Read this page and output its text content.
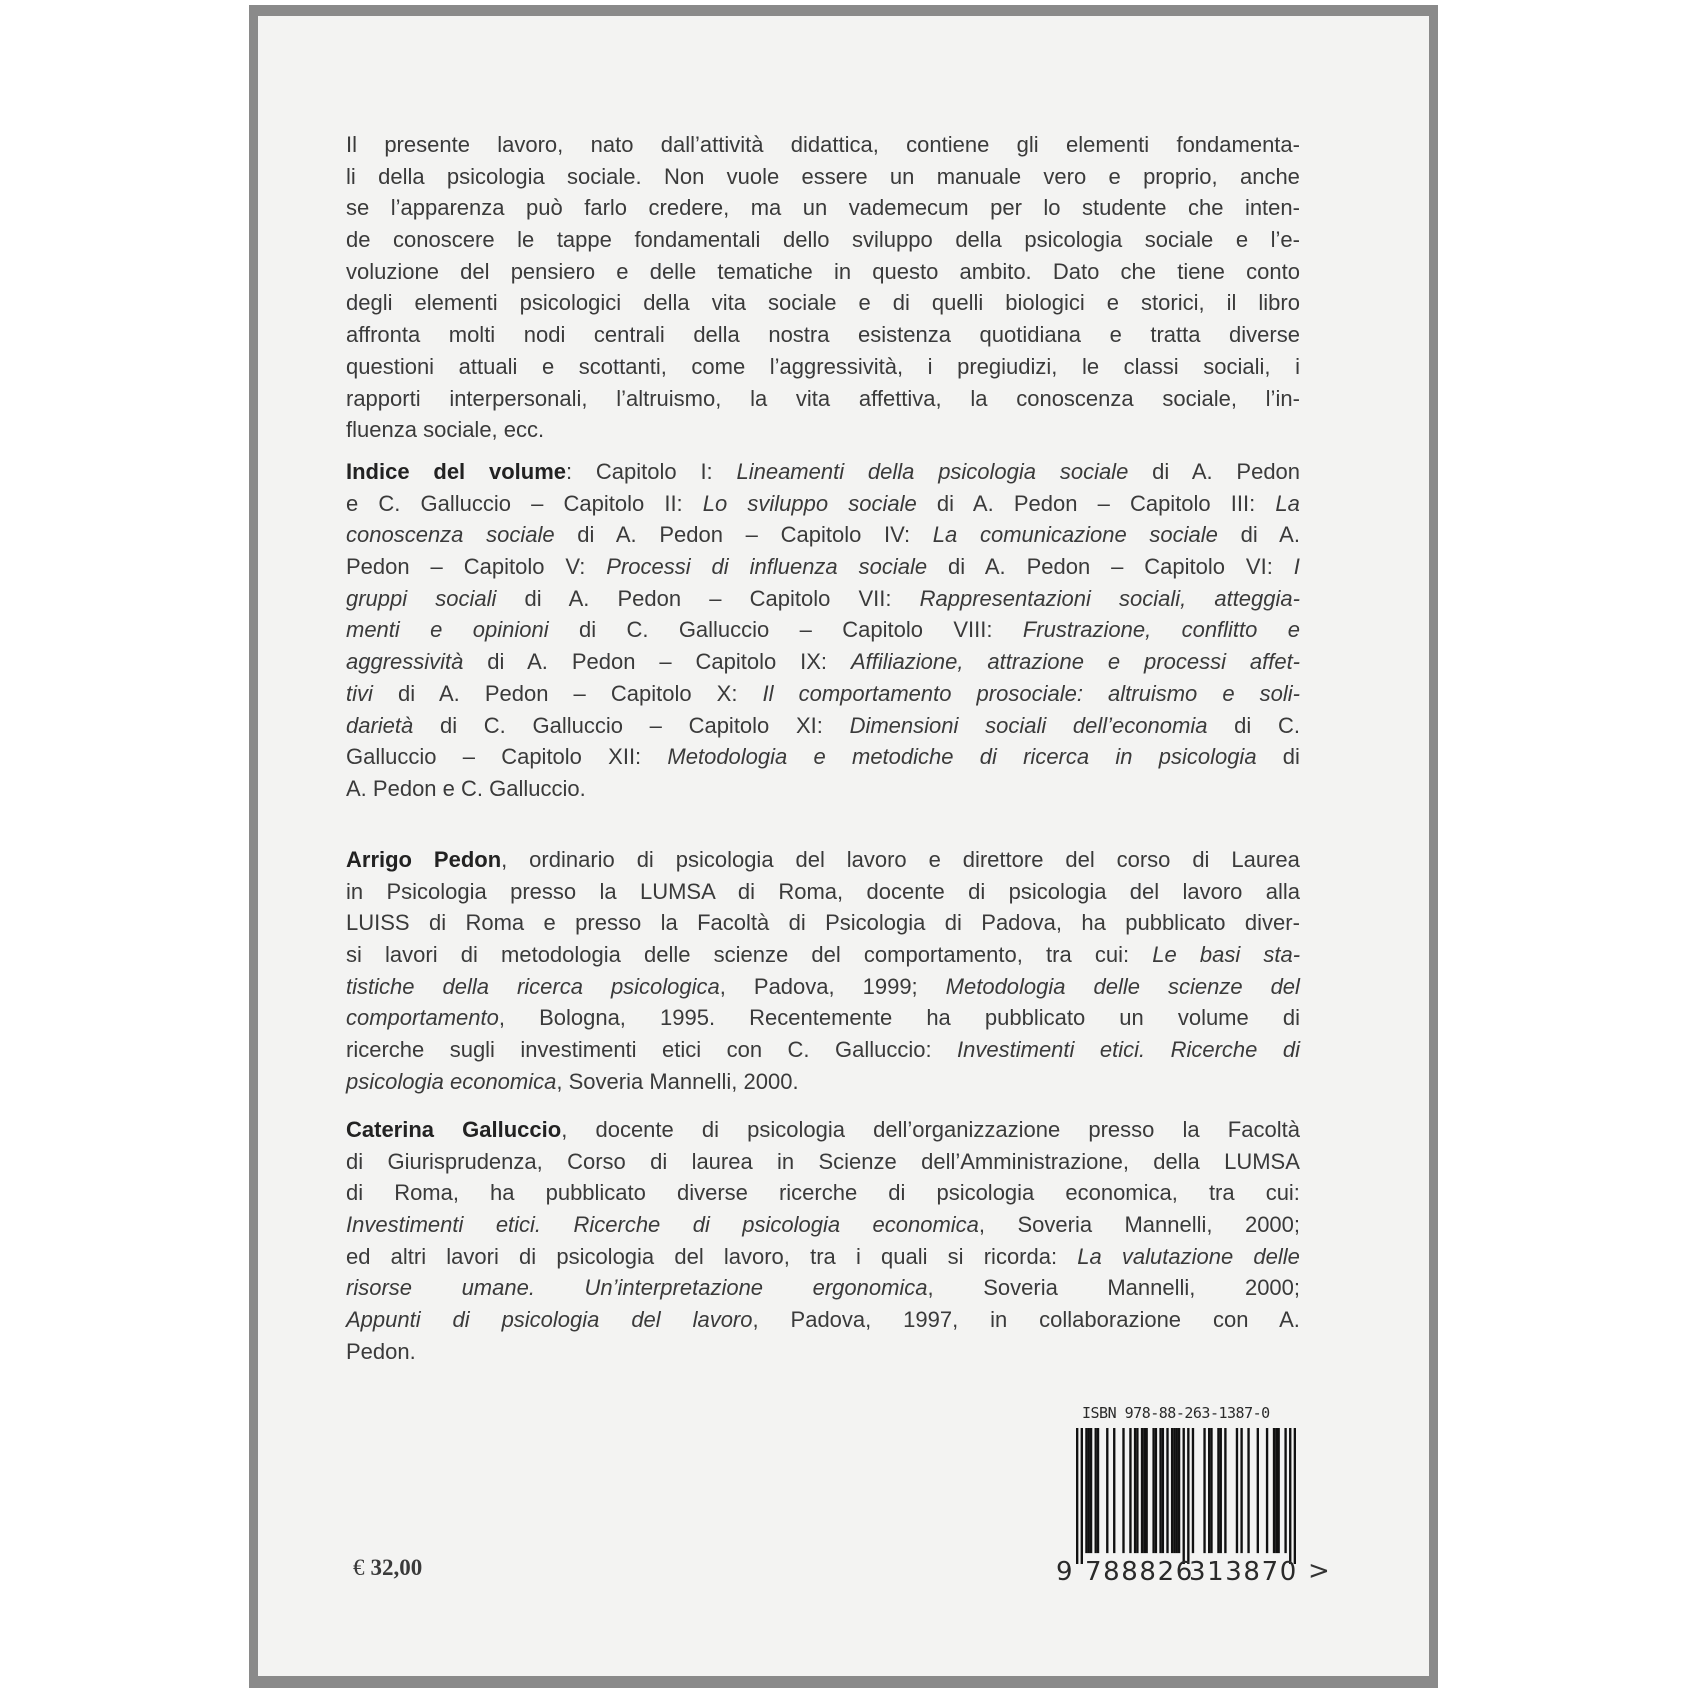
Il presente lavoro, nato dall’attività didattica, contiene gli elementi fondamenta-
li della psicologia sociale. Non vuole essere un manuale vero e proprio, anche
se l’apparenza può farlo credere, ma un vademecum per lo studente che inten-
de conoscere le tappe fondamentali dello sviluppo della psicologia sociale e l’e-
voluzione del pensiero e delle tematiche in questo ambito. Dato che tiene conto
degli elementi psicologici della vita sociale e di quelli biologici e storici, il libro
affronta molti nodi centrali della nostra esistenza quotidiana e tratta diverse
questioni attuali e scottanti, come l’aggressività, i pregiudizi, le classi sociali, i
rapporti interpersonali, l’altruismo, la vita affettiva, la conoscenza sociale, l’in-
fluenza sociale, ecc.
Indice del volume: Capitolo I: Lineamenti della psicologia sociale di A. Pedon
e C. Galluccio – Capitolo II: Lo sviluppo sociale di A. Pedon – Capitolo III: La
conoscenza sociale di A. Pedon – Capitolo IV: La comunicazione sociale di A.
Pedon – Capitolo V: Processi di influenza sociale di A. Pedon – Capitolo VI: I
gruppi sociali di A. Pedon – Capitolo VII: Rappresentazioni sociali, atteggia-
menti e opinioni di C. Galluccio – Capitolo VIII: Frustrazione, conflitto e
aggressività di A. Pedon – Capitolo IX: Affiliazione, attrazione e processi affet-
tivi di A. Pedon – Capitolo X: Il comportamento prosociale: altruismo e soli-
darietà di C. Galluccio – Capitolo XI: Dimensioni sociali dell’economia di C.
Galluccio – Capitolo XII: Metodologia e metodiche di ricerca in psicologia di
A. Pedon e C. Galluccio.
Arrigo Pedon, ordinario di psicologia del lavoro e direttore del corso di Laurea
in Psicologia presso la LUMSA di Roma, docente di psicologia del lavoro alla
LUISS di Roma e presso la Facoltà di Psicologia di Padova, ha pubblicato diver-
si lavori di metodologia delle scienze del comportamento, tra cui: Le basi sta-
tistiche della ricerca psicologica, Padova, 1999; Metodologia delle scienze del
comportamento, Bologna, 1995. Recentemente ha pubblicato un volume di
ricerche sugli investimenti etici con C. Galluccio: Investimenti etici. Ricerche di
psicologia economica, Soveria Mannelli, 2000.
Caterina Galluccio, docente di psicologia dell’organizzazione presso la Facoltà
di Giurisprudenza, Corso di laurea in Scienze dell’Amministrazione, della LUMSA
di Roma, ha pubblicato diverse ricerche di psicologia economica, tra cui:
Investimenti etici. Ricerche di psicologia economica, Soveria Mannelli, 2000;
ed altri lavori di psicologia del lavoro, tra i quali si ricorda: La valutazione delle
risorse umane. Un’interpretazione ergonomica, Soveria Mannelli, 2000;
Appunti di psicologia del lavoro, Padova, 1997, in collaborazione con A.
Pedon.
€ 32,00
ISBN 978-88-263-1387-0
9 788826
313870 >
